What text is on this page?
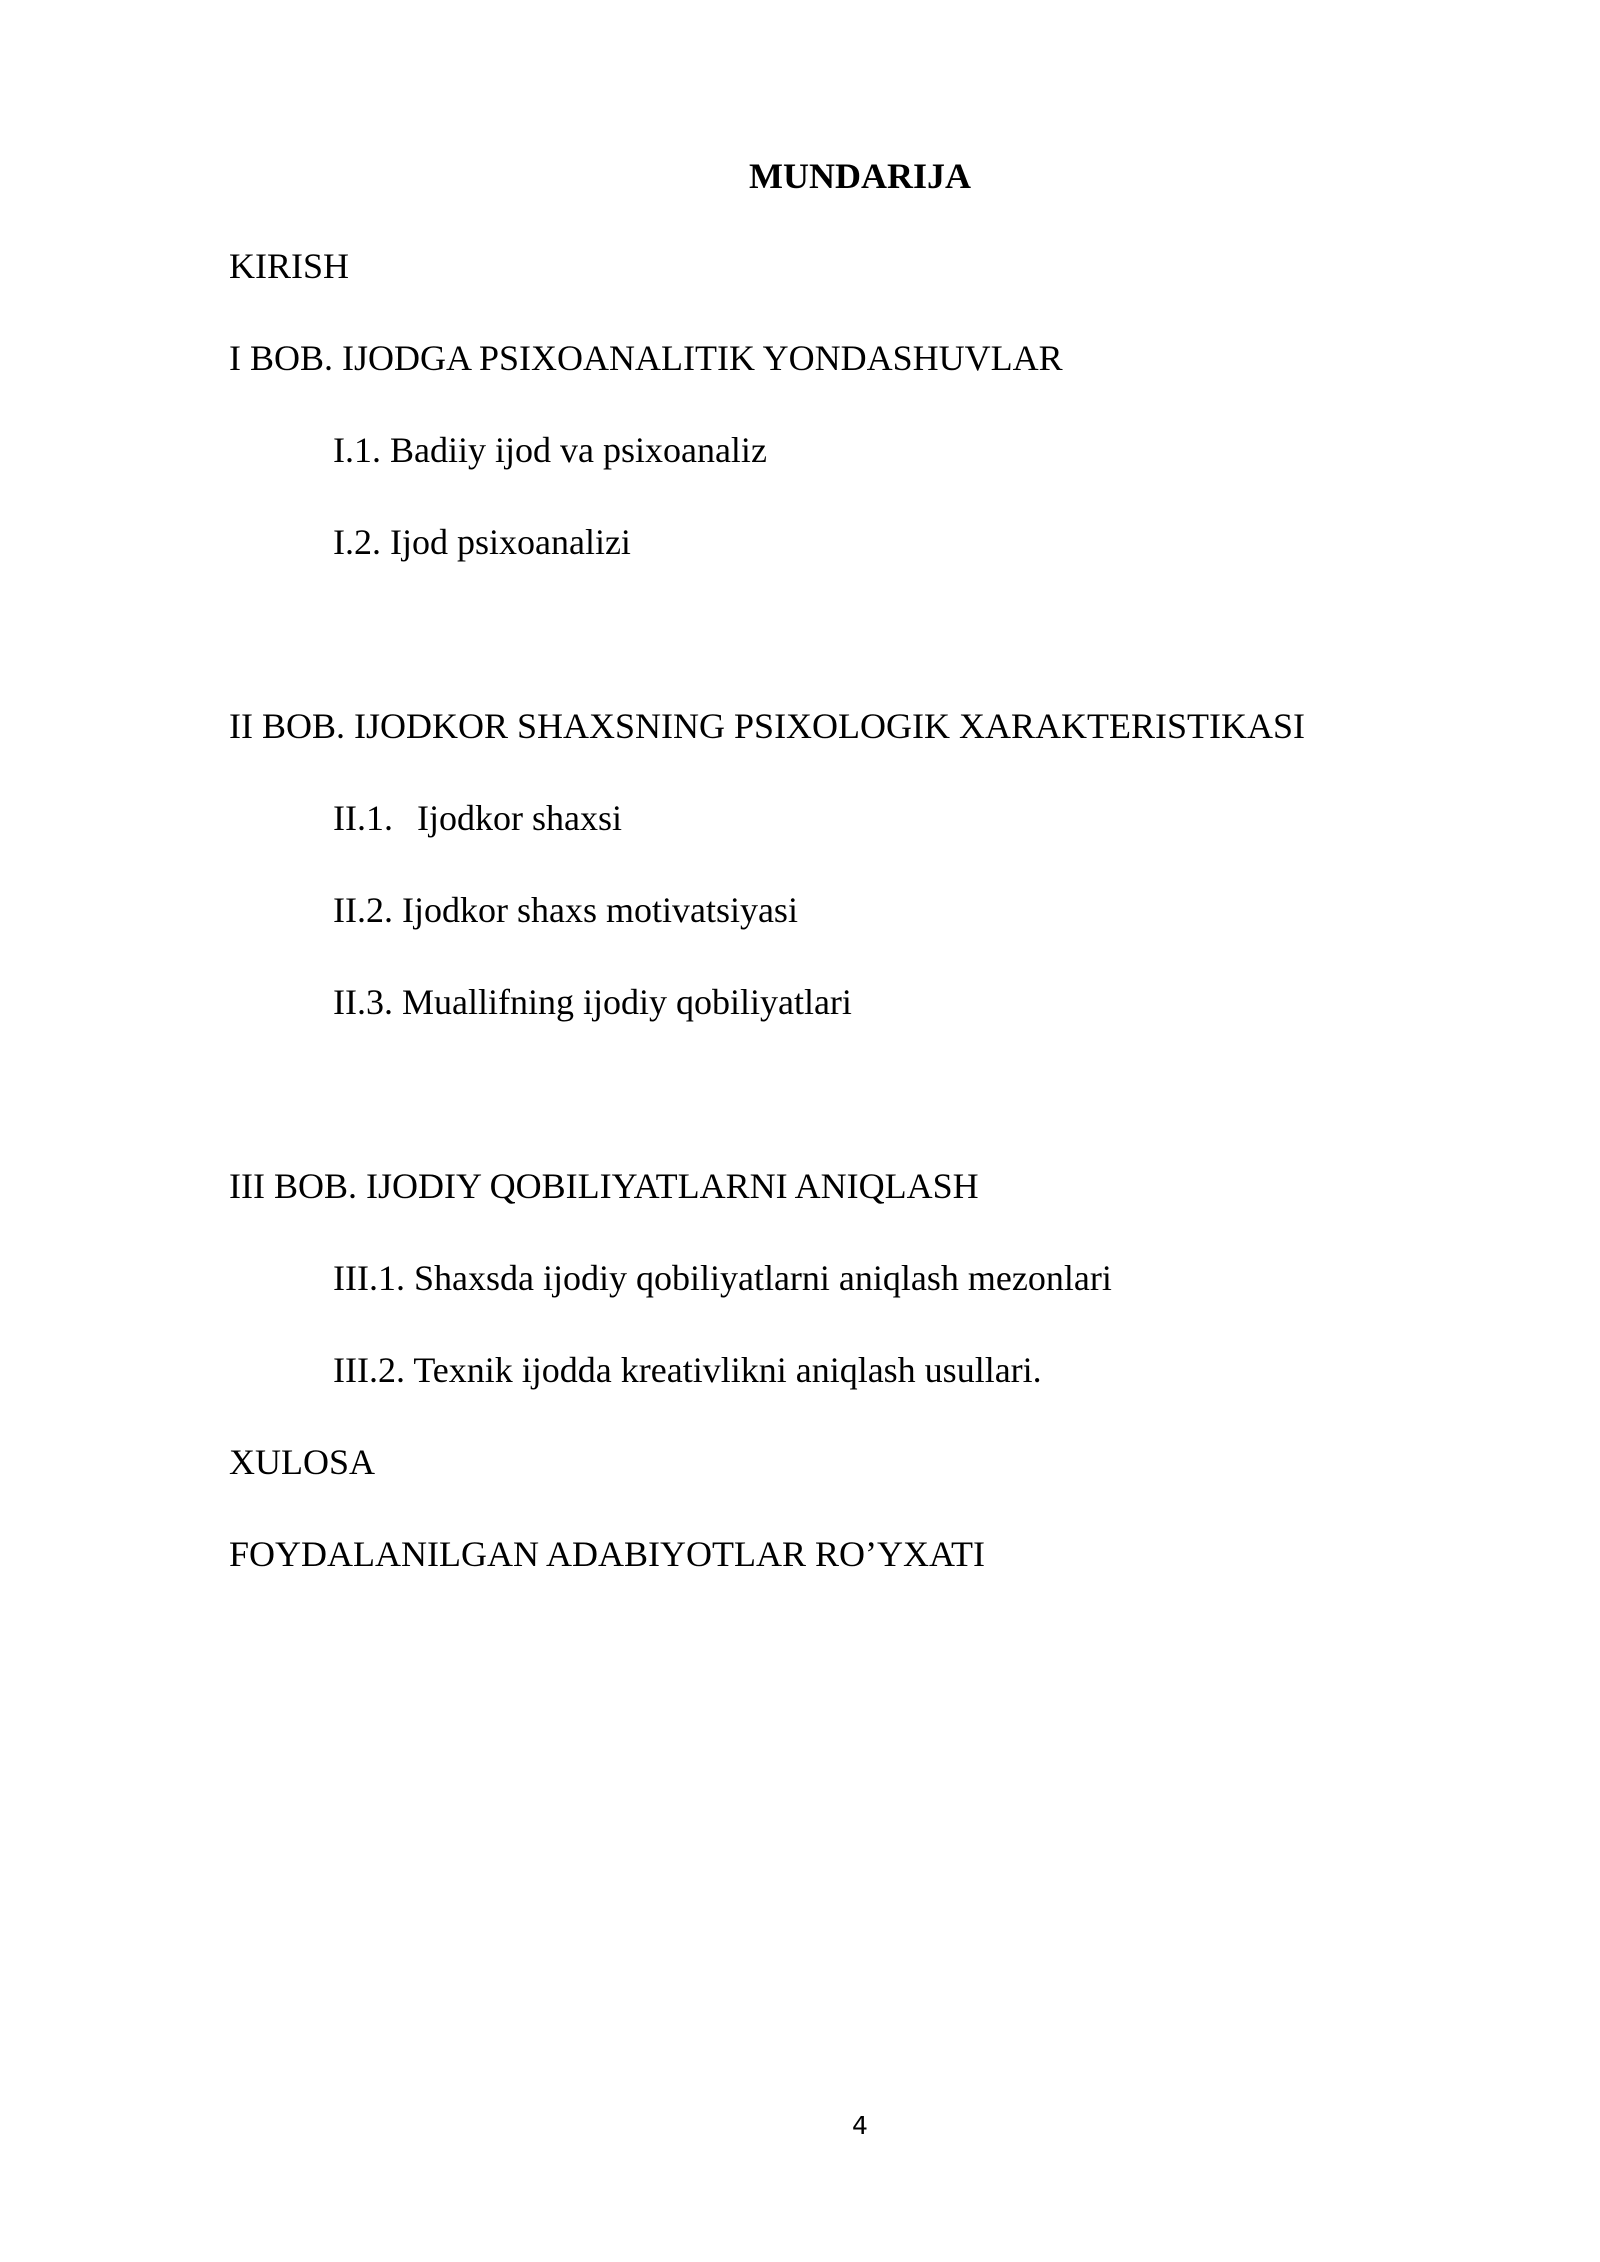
MUNDARIJA
KIRISH
I BOB. IJODGA PSIXOANALITIK YONDASHUVLAR
I.1. Badiiy ijod va psixoanaliz
I.2. Ijod psixoanalizi
II BOB. IJODKOR SHAXSNING PSIXOLOGIK XARAKTERISTIKASI
II.1. Ijodkor shaxsi
II.2. Ijodkor shaxs motivatsiyasi
II.3. Muallifning ijodiy qobiliyatlari
III BOB. IJODIY QOBILIYATLARNI ANIQLASH
III.1. Shaxsda ijodiy qobiliyatlarni aniqlash mezonlari
III.2. Texnik ijodda kreativlikni aniqlash usullari.
XULOSA
FOYDALANILGAN ADABIYOTLAR RO’YXATI
4
